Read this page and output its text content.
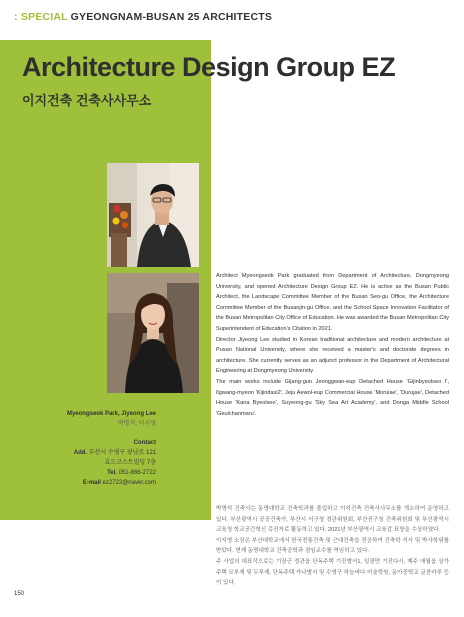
: SPECIAL GYEONGNAM-BUSAN 25 ARCHITECTS
Architecture Design Group EZ
이지건축 건축사사무소
Myeongseok Park, Jiyeong Lee
박명석, 이지영
Contact
Add. 부산시 수영구 광남로 121
효드고스트빌딩 7층
Tel. 051-866-2722
E-mail ez2722@naver.com
Architect Myeongseok Park graduated from Department of Architecture, Dongmyeong University, and opened Architecture Design Group EZ. He is active as the Busan Public Architect, the Landscape Committee Member of the Busan Seo-gu Office, the Architecture Committee Member of the Busanjin-gu Office, and the School Space Innovation Facilitator of the Busan Metropolitan City Office of Education. He was awarded the Busan Metropolitan City Superintendent of Education's Citation in 2021.
Director Jiyeong Lee studied in Korean traditional architecture and modern architecture at Pusan National University, where she received a master's and doctorate degrees in architecture. She currently serves as an adjunct professor in the Department of Architectural Engineering at Dongmyeong University.
The main works include Gijang-gun Jeonggwan-eup Detached House 'Gijinbyeolseo I', Ilgwang-myeon 'Kijindasi2', Jeju Aewol-eup Commercial House 'Moruiae', 'Durujae', Detached House 'Kana Byeolseo', Suyeong-gu 'Sky Sea Art Academy', and Donga Middle School 'Geulchanmaru'.
박명석 건축사는 동명대학교 건축학과를 졸업하고 이지건축 건축사사무소를 개소하여 운영하고 있다. 부산광역시 공공건축가, 부산시 서구청 경관위원회, 부산진구청 건축위원회 및 부산광역시교육청 학교공간혁신 촉진자로 활동하고 있다. 2021년 부산광역시 교육감 표창을 수상하였다.
이지영 소장은 부산대학교에서 한국전통건축 및 근대건축을 전공하여 건축학 석사 및 박사학위를 받았다. 현재 동명대학교 건축공학과 겸임교수를 역임하고 있다.
주 사업의 대표작으로는 기장군 정관읍 단독주택 기진별서1, 일광면 기진다시, 제주 애월읍 상가주택 모루재 및 두루재, 단독주택 가나별서 및 수영구 하늘바다 미술학원, 동아중학교 글찬마루 등이 있다.
150
